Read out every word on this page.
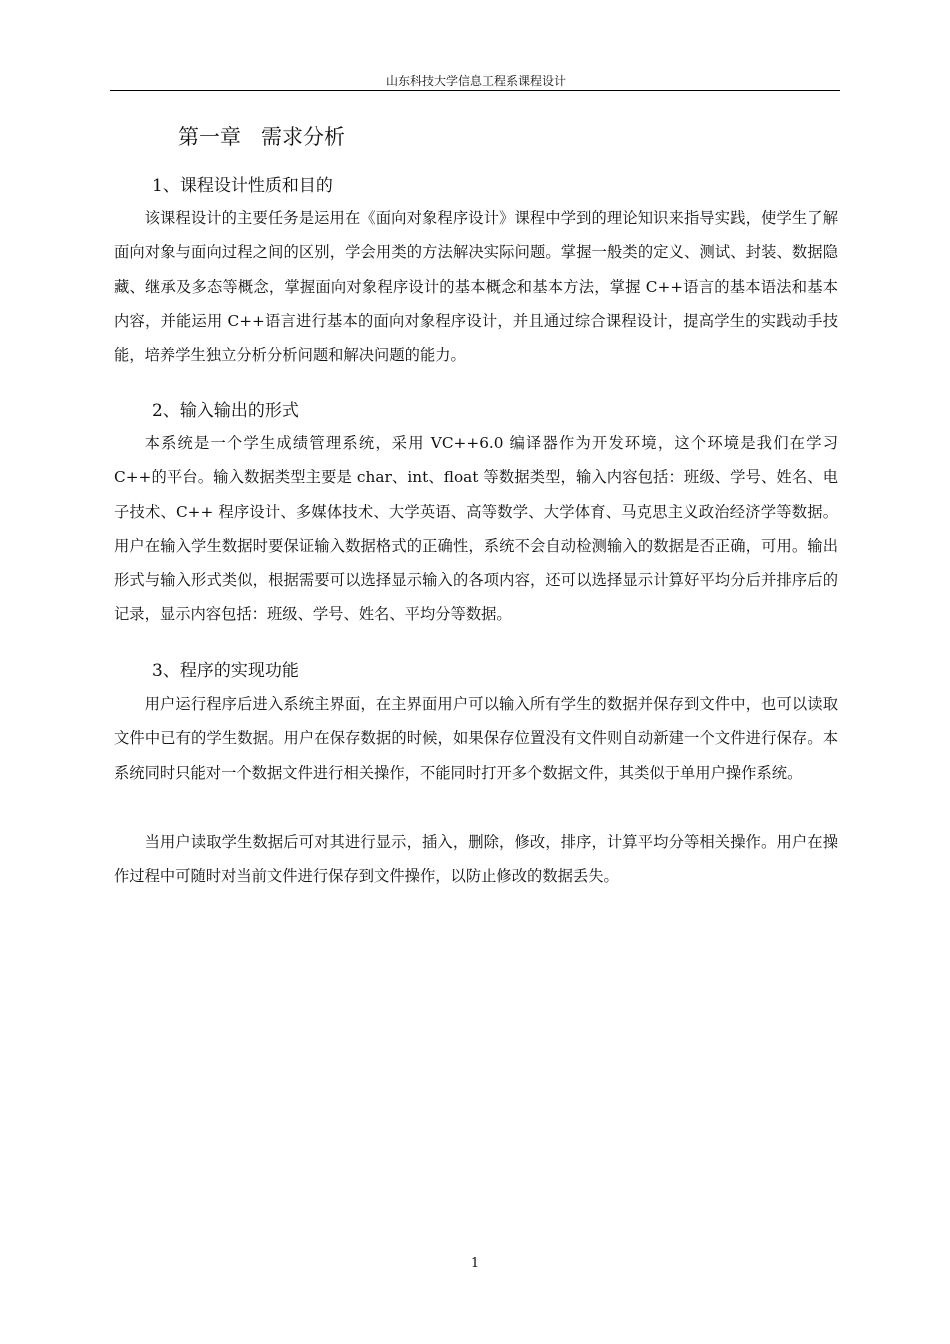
山东科技大学信息工程系课程设计
第一章 需求分析
1、课程设计性质和目的

该课程设计的主要任务是运用在《面向对象程序设计》课程中学到的理论知识来指导实践，使学生了解面向对象与面向过程之间的区别，学会用类的方法解决实际问题。掌握一般类的定义、测试、封装、数据隐藏、继承及多态等概念，掌握面向对象程序设计的基本概念和基本方法，掌握 C++语言的基本语法和基本内容，并能运用 C++语言进行基本的面向对象程序设计，并且通过综合课程设计，提高学生的实践动手技能，培养学生独立分析分析问题和解决问题的能力。

2、输入输出的形式

本系统是一个学生成绩管理系统，采用 VC++6.0 编译器作为开发环境，这个环境是我们在学习 C++的平台。输入数据类型主要是 char、int、float 等数据类型，输入内容包括：班级、学号、姓名、电子技术、C++ 程序设计、多媒体技术、大学英语、高等数学、大学体育、马克思主义政治经济学等数据。用户在输入学生数据时要保证输入数据格式的正确性，系统不会自动检测输入的数据是否正确，可用。输出形式与输入形式类似，根据需要可以选择显示输入的各项内容，还可以选择显示计算好平均分后并排序后的记录，显示内容包括：班级、学号、姓名、平均分等数据。

3、程序的实现功能

用户运行程序后进入系统主界面，在主界面用户可以输入所有学生的数据并保存到文件中，也可以读取文件中已有的学生数据。用户在保存数据的时候，如果保存位置没有文件则自动新建一个文件进行保存。本系统同时只能对一个数据文件进行相关操作，不能同时打开多个数据文件，其类似于单用户操作系统。

当用户读取学生数据后可对其进行显示，插入，删除，修改，排序，计算平均分等相关操作。用户在操作过程中可随时对当前文件进行保存到文件操作，以防止修改的数据丢失。

1
